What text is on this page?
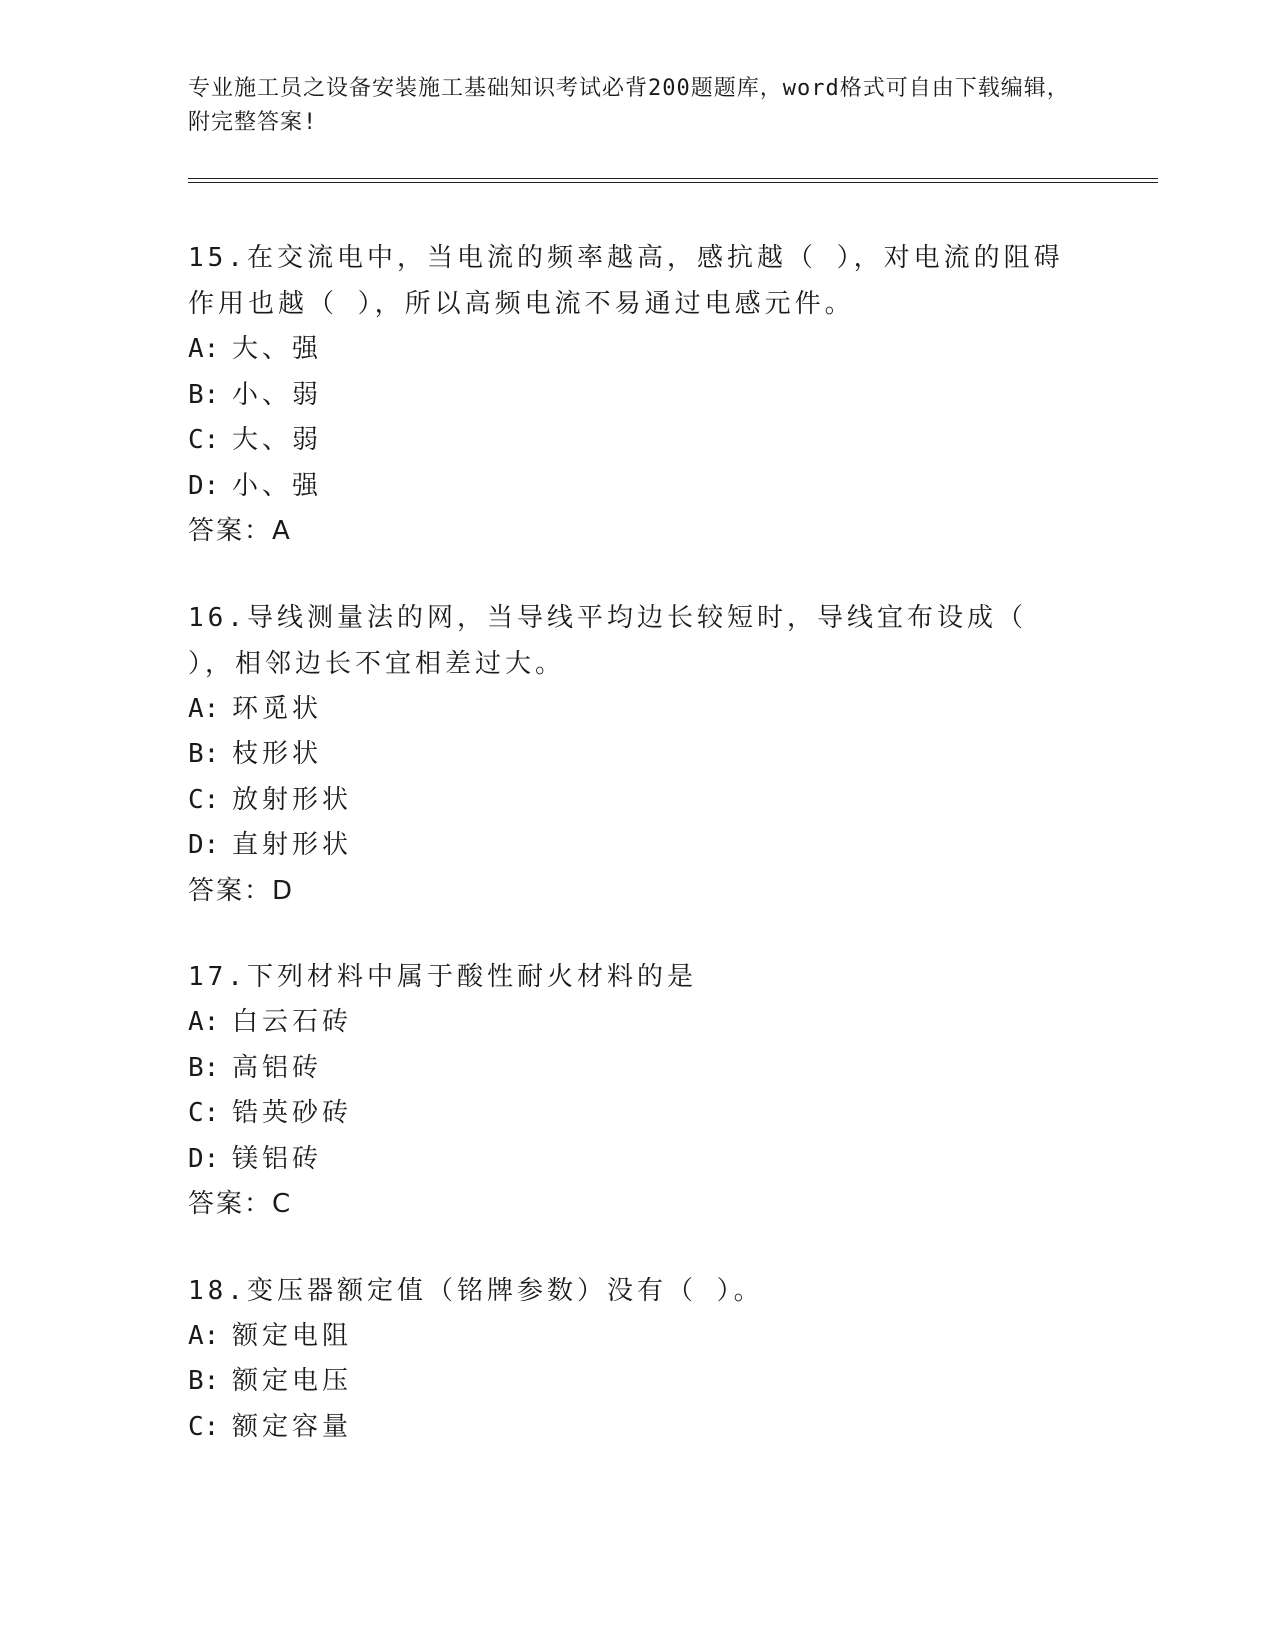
专业施工员之设备安装施工基础知识考试必背200题题库，word格式可自由下载编辑，附完整答案!

15.在交流电中，当电流的频率越高，感抗越（ ），对电流的阻碍作用也越（ ），所以高频电流不易通过电感元件。

A: 大、强

B: 小、弱

C: 大、弱

D: 小、强

答案：A

16.导线测量法的网，当导线平均边长较短时，导线宜布设成（ ），相邻边长不宜相差过大。

A: 环觅状

B: 枝形状

C: 放射形状

D: 直射形状

答案：D

17.下列材料中属于酸性耐火材料的是

A: 白云石砖

B: 高铝砖

C: 锆英砂砖

D: 镁铝砖

答案：C

18.变压器额定值（铭牌参数）没有（ ）。

A: 额定电阻

B: 额定电压

C: 额定容量
